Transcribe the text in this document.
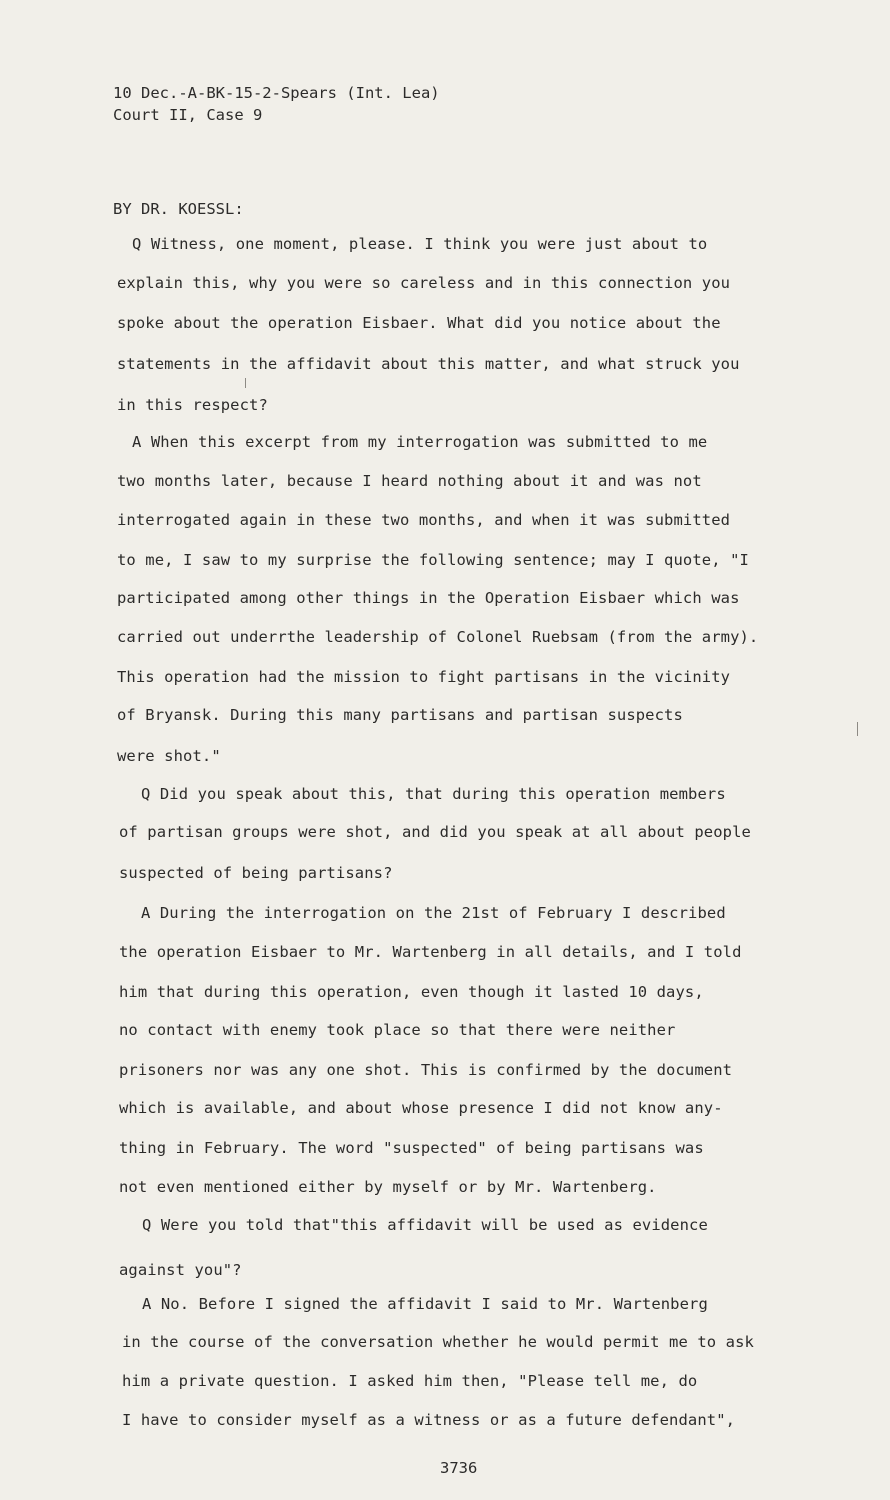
10 Dec.-A-BK-15-2-Spears (Int. Lea)
Court II, Case 9
BY DR. KOESSL:
Q Witness, one moment, please. I think you were just about to
explain this, why you were so careless and in this connection you
spoke about the operation Eisbaer. What did you notice about the
statements in the affidavit about this matter, and what struck you
in this respect?
A When this excerpt from my interrogation was submitted to me
two months later, because I heard nothing about it and was not
interrogated again in these two months, and when it was submitted
to me, I saw to my surprise the following sentence; may I quote, "I
participated among other things in the Operation Eisbaer which was
carried out underrthe leadership of Colonel Ruebsam (from the army).
This operation had the mission to fight partisans in the vicinity
of Bryansk. During this many partisans and partisan suspects
were shot."
Q Did you speak about this, that during this operation members
of partisan groups were shot, and did you speak at all about people
suspected of being partisans?
A During the interrogation on the 21st of February I described
the operation Eisbaer to Mr. Wartenberg in all details, and I told
him that during this operation, even though it lasted 10 days,
no contact with enemy took place so that there were neither
prisoners nor was any one shot. This is confirmed by the document
which is available, and about whose presence I did not know any-
thing in February. The word "suspected" of being partisans was
not even mentioned either by myself or by Mr. Wartenberg.
Q Were you told that"this affidavit will be used as evidence
against you"?
A No. Before I signed the affidavit I said to Mr. Wartenberg
in the course of the conversation whether he would permit me to ask
him a private question. I asked him then, "Please tell me, do
I have to consider myself as a witness or as a future defendant",
3736
